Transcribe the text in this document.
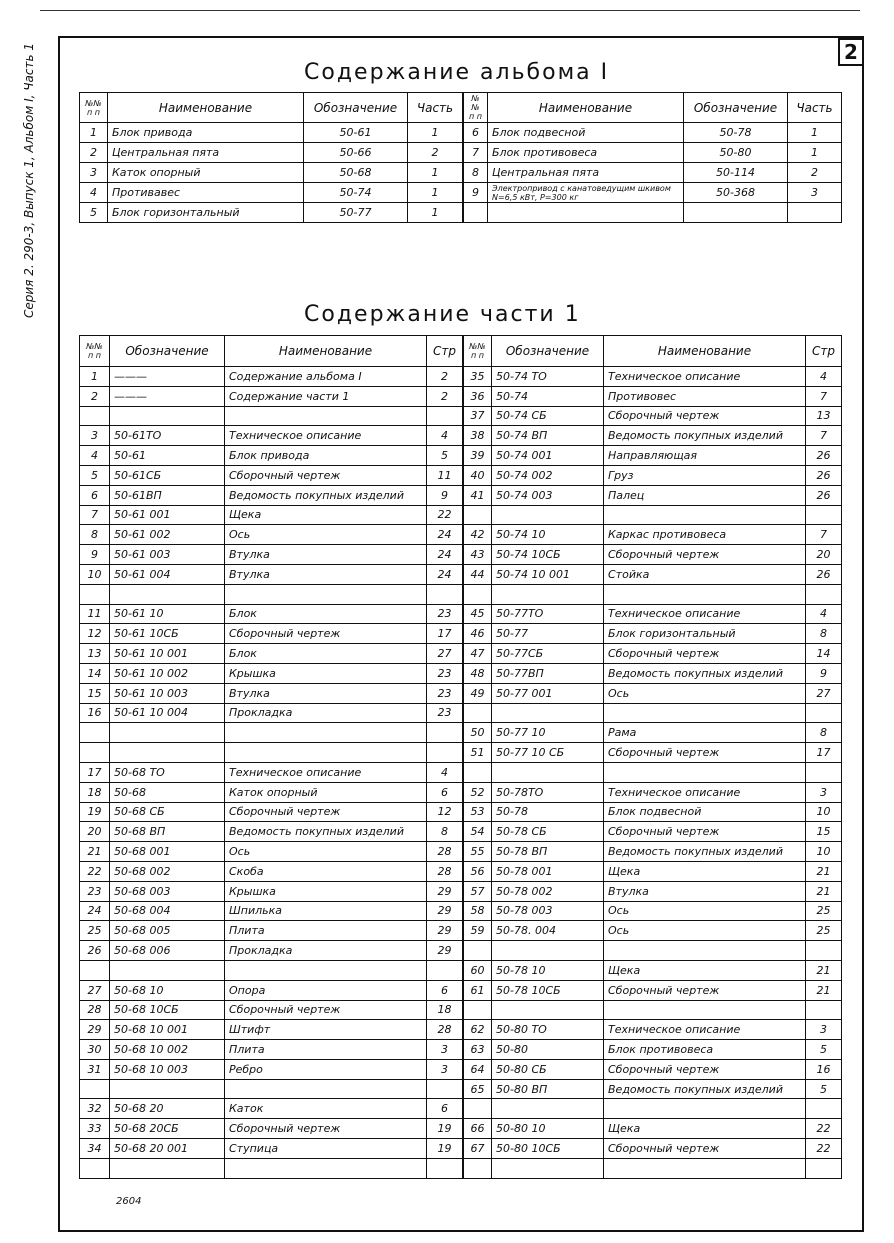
Серия 2. 290-3, Выпуск 1, Альбом I, Часть 1	2
Содержание альбома I
№№ п п	Наименование	Обозначение	Часть
1	Блок привода	50-61	1
2	Центральная пята	50-66	2
3	Каток опорный	50-68	1
4	Противавес	50-74	1
5	Блок горизонтальный	50-77	1
№№ п п	Наименование	Обозначение	Часть
6	Блок подвесной	50-78	1
7	Блок противовеса	50-80	1
8	Центральная пята	50-114	2
9	Электропривод с канатоведущим шкивом N=6,5 кВт, P=300 кг	50-368	3

Содержание части 1
№№ п п	Обозначение	Наименование	Стр
1	———	Содержание альбома I	2
2	———	Содержание части 1	2

3	50-61ТО	Техническое описание	4
4	50-61	Блок привода	5
5	50-61СБ	Сборочный чертеж	11
6	50-61ВП	Ведомость покупных изделий	9
7	50-61 001	Щека	22
8	50-61 002	Ось	24
9	50-61 003	Втулка	24
10	50-61 004	Втулка	24

11	50-61 10	Блок	23
12	50-61 10СБ	Сборочный чертеж	17
13	50-61 10 001	Блок	27
14	50-61 10 002	Крышка	23
15	50-61 10 003	Втулка	23
16	50-61 10 004	Прокладка	23

17	50-68 ТО	Техническое описание	4
18	50-68	Каток опорный	6
19	50-68 СБ	Сборочный чертеж	12
20	50-68 ВП	Ведомость покупных изделий	8
21	50-68 001	Ось	28
22	50-68 002	Скоба	28
23	50-68 003	Крышка	29
24	50-68 004	Шпилька	29
25	50-68 005	Плита	29
26	50-68 006	Прокладка	29

27	50-68 10	Опора	6
28	50-68 10СБ	Сборочный чертеж	18
29	50-68 10 001	Штифт	28
30	50-68 10 002	Плита	3
31	50-68 10 003	Ребро	3

32	50-68 20	Каток	6
33	50-68 20СБ	Сборочный чертеж	19
34	50-68 20 001	Ступица	19

№№ п п	Обозначение	Наименование	Стр
35	50-74 ТО	Техническое описание	4
36	50-74	Противовес	7
37	50-74 СБ	Сборочный чертеж	13
38	50-74 ВП	Ведомость покупных изделий	7
39	50-74 001	Направляющая	26
40	50-74 002	Груз	26
41	50-74 003	Палец	26

42	50-74 10	Каркас противовеса	7
43	50-74 10СБ	Сборочный чертеж	20
44	50-74 10 001	Стойка	26

45	50-77ТО	Техническое описание	4
46	50-77	Блок горизонтальный	8
47	50-77СБ	Сборочный чертеж	14
48	50-77ВП	Ведомость покупных изделий	9
49	50-77 001	Ось	27

50	50-77 10	Рама	8
51	50-77 10 СБ	Сборочный чертеж	17

52	50-78ТО	Техническое описание	3
53	50-78	Блок подвесной	10
54	50-78 СБ	Сборочный чертеж	15
55	50-78 ВП	Ведомость покупных изделий	10
56	50-78 001	Щека	21
57	50-78 002	Втулка	21
58	50-78 003	Ось	25
59	50-78. 004	Ось	25

60	50-78 10	Щека	21
61	50-78 10СБ	Сборочный чертеж	21

62	50-80 ТО	Техническое описание	3
63	50-80	Блок противовеса	5
64	50-80 СБ	Сборочный чертеж	16
65	50-80 ВП	Ведомость покупных изделий	5

66	50-80 10	Щека	22
67	50-80 10СБ	Сборочный чертеж	22

2604
